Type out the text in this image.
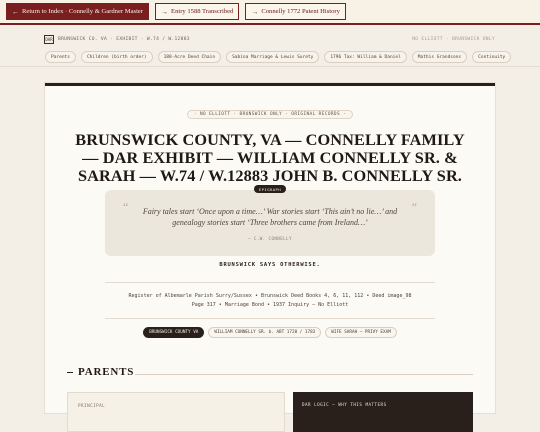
← Return to Index · Connelly & Gardner Master	→ Entry 1588 Transcribed	→ Connelly 1772 Patent History
DAR	BRUNSWICK CO. VA · EXHIBIT · W.74 / W.12883	NO ELLIOTT · BRUNSWICK ONLY
Parents	Children (birth order)	188-Acre Deed Chain	Sabina Marriage & Lewis Surety	1796 Tax: William & Daniel	Mathis Grandsons	Continuity
· NO ELLIOTT · BRUNSWICK ONLY · ORIGINAL RECORDS ·
BRUNSWICK COUNTY, VA — CONNELLY FAMILY — DAR EXHIBIT — WILLIAM CONNELLY SR. & SARAH — W.74 / W.12883 JOHN B. CONNELLY SR.
EPIGRAPH
“	”
Fairy tales start ‘Once upon a time…’ War stories start ‘This ain’t no lie…’ and genealogy stories start ‘Three brothers came from Ireland…’
— C.W. CONNELLY
BRUNSWICK SAYS OTHERWISE.
Register of Albemarle Parish Surry/Sussex • Brunswick Deed Books 4, 6, 11, 112 • Deed image_98
Page 317 • Marriage Bond • 1937 Inquiry — No Elliott
BRUNSWICK COUNTY VA	WILLIAM CONNELLY SR. b. ABT 1720 / 1783	WIFE SARAH — PRIVY EXAM
PARENTS
PRINCIPAL	DAR LOGIC — WHY THIS MATTERS
